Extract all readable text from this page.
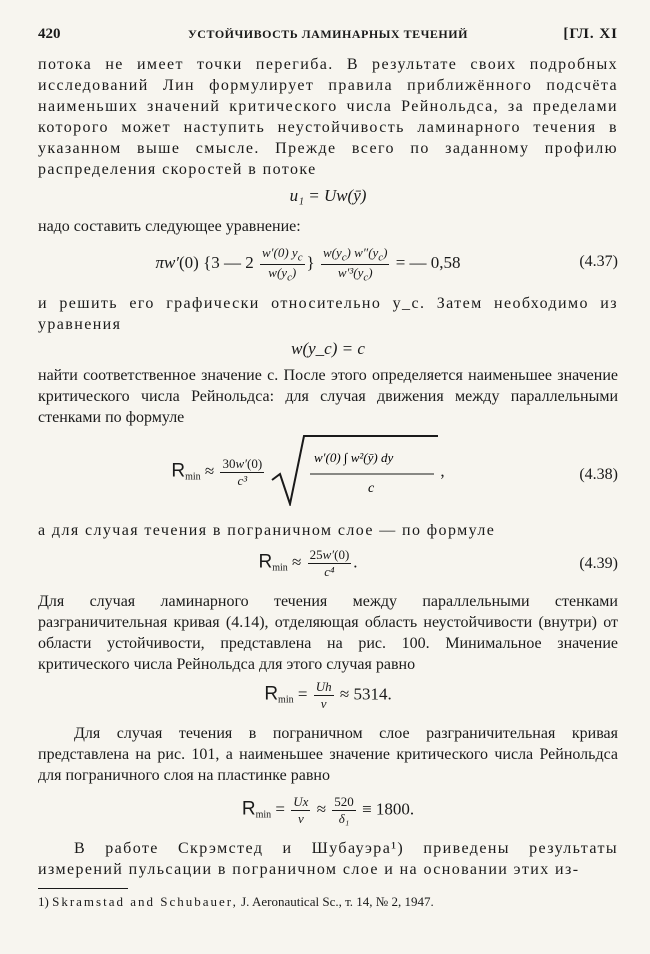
420	УСТОЙЧИВОСТЬ ЛАМИНАРНЫХ ТЕЧЕНИЙ	[ГЛ. XI

потока не имеет точки перегиба. В результате своих подробных исследований Лин формулирует правила приближённого подсчёта наименьших значений критического числа Рейнольдса, за пределами которого может наступить неустойчивость ламинарного течения в указанном выше смысле. Прежде всего по заданному профилю распределения скоростей в потоке

u₁ = Uw(ȳ)

надо составить следующее уравнение:

πw′(0) {3 — $2 \frac{w'(0) y_c}{w(y_c)}$ } $\frac{w(y_c) w''(y_c)}{w'^3(y_c)}$ = — 0,58	(4.37)

и решить его графически относительно y_c. Затем необходимо из уравнения

w(y_c) = c

найти соответственное значение c. После этого определяется наименьшее значение критического числа Рейнольдса: для случая движения между параллельными стенками по формуле

$R_{min} \approx \frac{30w'(0)}{\text{c³}}$
	w′(0) ∫ w²(ȳ) dy
c
,	(4.38)

а для случая течения в пограничном слое — по формуле

$R_{min} \approx \frac{25w'(0)}{\text{c⁴}}$ .	(4.39)

Для случая ламинарного течения между параллельными стенками разграничительная кривая (4.14), отделяющая область неустойчивости (внутри) от области устойчивости, представлена на рис. 100. Минимальное значение критического числа Рейнольдса для этого случая равно

$R_{min} = \frac{Uh}{\nu} \approx 5314$.

Для случая течения в пограничном слое разграничительная кривая представлена на рис. 101, а наименьшее значение критического числа Рейнольдса для пограничного слоя на пластинке равно

$R_{min} = \frac{Ux}{\nu} \approx \frac{520}{\text{δ₁}} \equiv 1800$.

В работе Скрэмстед и Шубауэра¹) приведены результаты измерений пульсации в пограничном слое и на основании этих из-

1) Skramstad and Schubauer, J. Aeronautical Sc., т. 14, № 2, 1947.
